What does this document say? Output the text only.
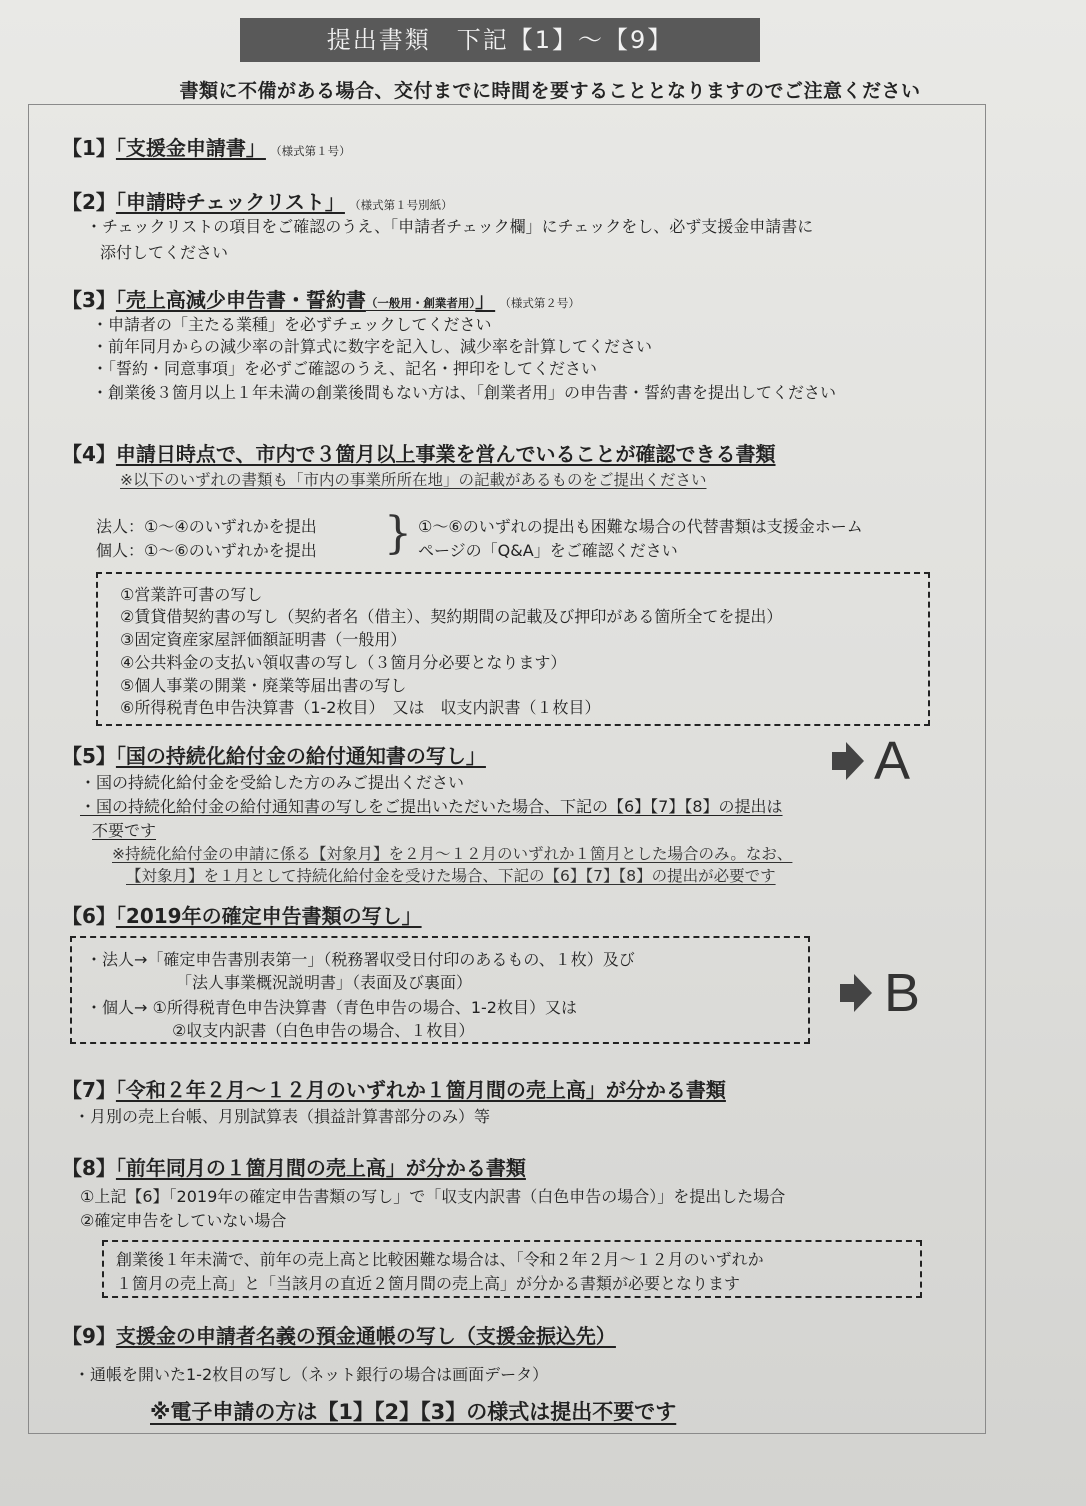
提出書類　下記【1】～【9】
書類に不備がある場合、交付までに時間を要することとなりますのでご注意ください
【1】「支援金申請書」 （様式第１号）
【2】「申請時チェックリスト」 （様式第１号別紙）
・チェックリストの項目をご確認のうえ、「申請者チェック欄」にチェックをし、必ず支援金申請書に
添付してください
【3】「売上高減少申告書・誓約書（一般用・創業者用）」 （様式第２号）
・申請者の「主たる業種」を必ずチェックしてください
・前年同月からの減少率の計算式に数字を記入し、減少率を計算してください
・「誓約・同意事項」を必ずご確認のうえ、記名・押印をしてください
・創業後３箇月以上１年未満の創業後間もない方は、「創業者用」の申告書・誓約書を提出してください
【4】申請日時点で、市内で３箇月以上事業を営んでいることが確認できる書類
※以下のいずれの書類も「市内の事業所所在地」の記載があるものをご提出ください
法人：①～④のいずれかを提出
個人：①～⑥のいずれかを提出 } ①～⑥のいずれの提出も困難な場合の代替書類は支援金ホーム
ページの「Q&A」をご確認ください
①営業許可書の写し
②賃貸借契約書の写し（契約者名（借主）、契約期間の記載及び押印がある箇所全てを提出）
③固定資産家屋評価額証明書（一般用）
④公共料金の支払い領収書の写し（３箇月分必要となります）
⑤個人事業の開業・廃業等届出書の写し
⑥所得税青色申告決算書（1-2枚目）　又は　収支内訳書（１枚目）
【5】「国の持続化給付金の給付通知書の写し」
・国の持続化給付金を受給した方のみご提出ください
・国の持続化給付金の給付通知書の写しをご提出いただいた場合、下記の【6】【7】【8】の提出は
不要です
※持続化給付金の申請に係る【対象月】を２月～１２月のいずれか１箇月とした場合のみ。なお、
【対象月】を１月として持続化給付金を受けた場合、下記の【6】【7】【8】の提出が必要です
A
【6】「2019年の確定申告書類の写し」
・法人→「確定申告書別表第一」（税務署収受日付印のあるもの、１枚）及び
「法人事業概況説明書」（表面及び裏面）
・個人→ ①所得税青色申告決算書（青色申告の場合、1-2枚目）又は
②収支内訳書（白色申告の場合、１枚目）
B
【7】「令和２年２月～１２月のいずれか１箇月間の売上高」が分かる書類
・月別の売上台帳、月別試算表（損益計算書部分のみ）等
【8】「前年同月の１箇月間の売上高」が分かる書類
①上記【6】「2019年の確定申告書類の写し」で「収支内訳書（白色申告の場合）」を提出した場合
②確定申告をしていない場合
創業後１年未満で、前年の売上高と比較困難な場合は、「令和２年２月～１２月のいずれか
１箇月の売上高」と「当該月の直近２箇月間の売上高」が分かる書類が必要となります
【9】支援金の申請者名義の預金通帳の写し（支援金振込先）
・通帳を開いた1-2枚目の写し（ネット銀行の場合は画面データ）
※電子申請の方は【1】【2】【3】の様式は提出不要です
